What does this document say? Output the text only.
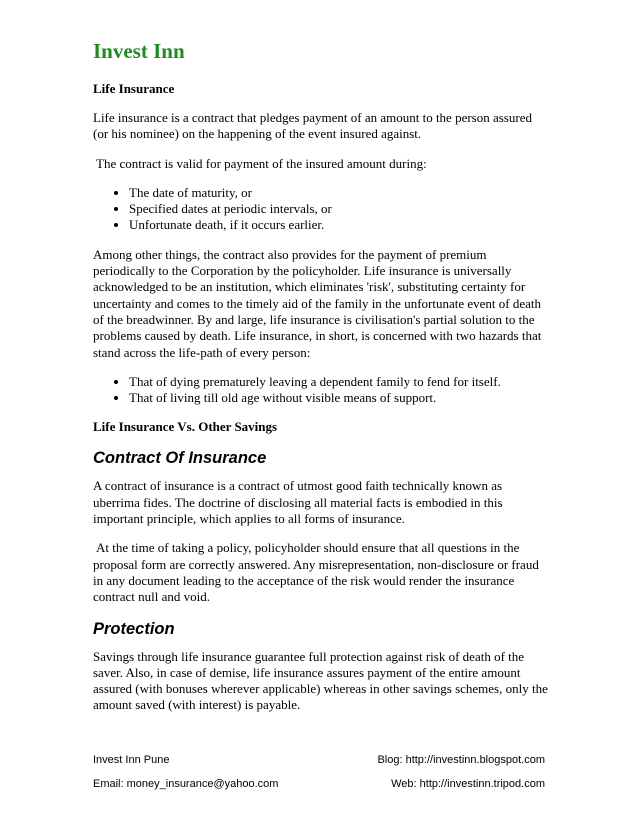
Invest Inn
Life Insurance

Life insurance is a contract that pledges payment of an amount to the person assured (or his nominee) on the happening of the event insured against.

The contract is valid for payment of the insured amount during:

• The date of maturity, or
• Specified dates at periodic intervals, or
• Unfortunate death, if it occurs earlier.

Among other things, the contract also provides for the payment of premium periodically to the Corporation by the policyholder. Life insurance is universally acknowledged to be an institution, which eliminates 'risk', substituting certainty for uncertainty and comes to the timely aid of the family in the unfortunate event of death of the breadwinner. By and large, life insurance is civilisation's partial solution to the problems caused by death. Life insurance, in short, is concerned with two hazards that stand across the life-path of every person:

• That of dying prematurely leaving a dependent family to fend for itself.
• That of living till old age without visible means of support.
Life Insurance Vs. Other Savings
Contract Of Insurance

A contract of insurance is a contract of utmost good faith technically known as uberrima fides. The doctrine of disclosing all material facts is embodied in this important principle, which applies to all forms of insurance.

At the time of taking a policy, policyholder should ensure that all questions in the proposal form are correctly answered. Any misrepresentation, non-disclosure or fraud in any document leading to the acceptance of the risk would render the insurance contract null and void.

Protection

Savings through life insurance guarantee full protection against risk of death of the saver. Also, in case of demise, life insurance assures payment of the entire amount assured (with bonuses wherever applicable) whereas in other savings schemes, only the amount saved (with interest) is payable.

Invest Inn Pune	Blog: http://investinn.blogspot.com
Email: money_insurance@yahoo.com	Web: http://investinn.tripod.com
